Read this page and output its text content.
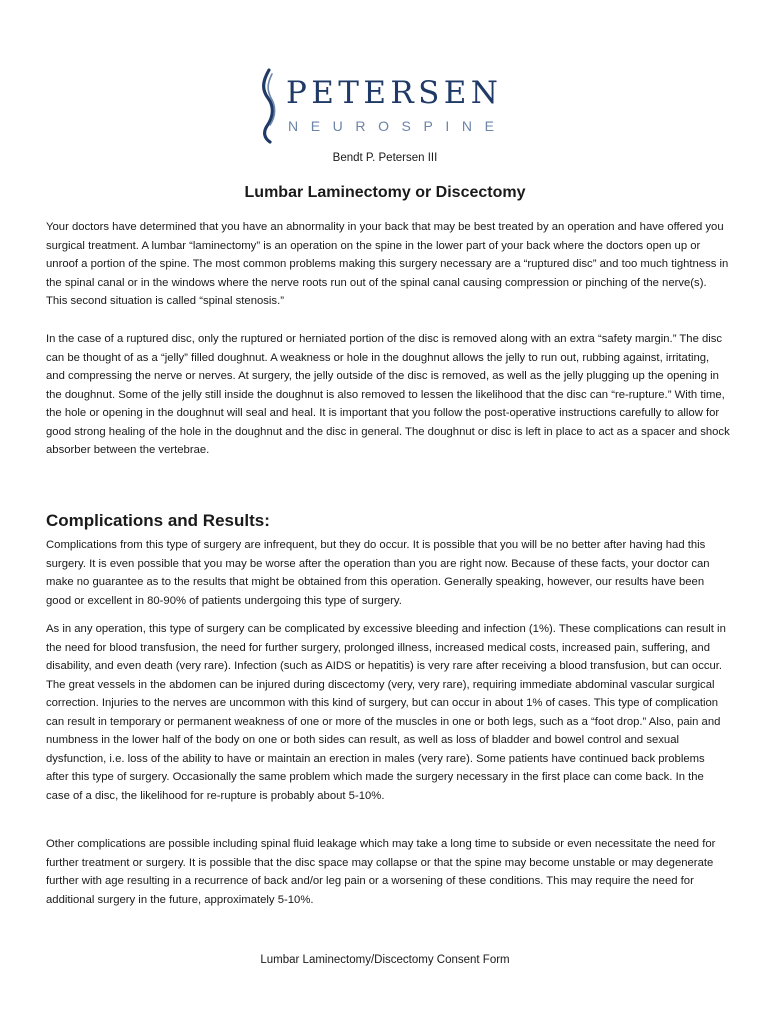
PETERSEN
NEUROSPINE
Bendt P. Petersen III
Lumbar Laminectomy or Discectomy

Your doctors have determined that you have an abnormality in your back that may be best treated by an operation and have offered you surgical treatment. A lumbar “laminectomy” is an operation on the spine in the lower part of your back where the doctors open up or unroof a portion of the spine. The most common problems making this surgery necessary are a “ruptured disc” and too much tightness in the spinal canal or in the windows where the nerve roots run out of the spinal canal causing compression or pinching of the nerve(s). This second situation is called “spinal stenosis.”

In the case of a ruptured disc, only the ruptured or herniated portion of the disc is removed along with an extra “safety margin.” The disc can be thought of as a “jelly” filled doughnut. A weakness or hole in the doughnut allows the jelly to run out, rubbing against, irritating, and compressing the nerve or nerves. At surgery, the jelly outside of the disc is removed, as well as the jelly plugging up the opening in the doughnut. Some of the jelly still inside the doughnut is also removed to lessen the likelihood that the disc can “re-rupture.” With time, the hole or opening in the doughnut will seal and heal. It is important that you follow the post-operative instructions carefully to allow for good strong healing of the hole in the doughnut and the disc in general. The doughnut or disc is left in place to act as a spacer and shock absorber between the vertebrae.

Complications and Results:

Complications from this type of surgery are infrequent, but they do occur. It is possible that you will be no better after having had this surgery. It is even possible that you may be worse after the operation than you are right now. Because of these facts, your doctor can make no guarantee as to the results that might be obtained from this operation. Generally speaking, however, our results have been good or excellent in 80-90% of patients undergoing this type of surgery.

As in any operation, this type of surgery can be complicated by excessive bleeding and infection (1%). These complications can result in the need for blood transfusion, the need for further surgery, prolonged illness, increased medical costs, increased pain, suffering, and disability, and even death (very rare). Infection (such as AIDS or hepatitis) is very rare after receiving a blood transfusion, but can occur. The great vessels in the abdomen can be injured during discectomy (very, very rare), requiring immediate abdominal vascular surgical correction. Injuries to the nerves are uncommon with this kind of surgery, but can occur in about 1% of cases. This type of complication can result in temporary or permanent weakness of one or more of the muscles in one or both legs, such as a “foot drop.” Also, pain and numbness in the lower half of the body on one or both sides can result, as well as loss of bladder and bowel control and sexual dysfunction, i.e. loss of the ability to have or maintain an erection in males (very rare). Some patients have continued back problems after this type of surgery. Occasionally the same problem which made the surgery necessary in the first place can come back. In the case of a disc, the likelihood for re-rupture is probably about 5-10%.

Other complications are possible including spinal fluid leakage which may take a long time to subside or even necessitate the need for further treatment or surgery. It is possible that the disc space may collapse or that the spine may become unstable or may degenerate further with age resulting in a recurrence of back and/or leg pain or a worsening of these conditions. This may require the need for additional surgery in the future, approximately 5-10%.

Lumbar Laminectomy/Discectomy Consent Form
